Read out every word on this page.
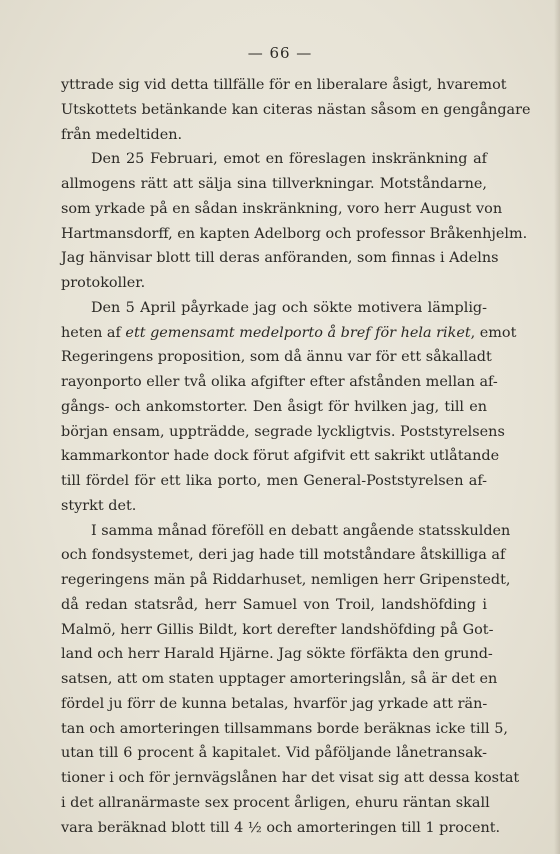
— 66 —
yttrade sig vid detta tillfälle för en liberalare åsigt, hvaremot
Utskottets betänkande kan citeras nästan såsom en gengångare
från medeltiden.
Den 25 Februari, emot en föreslagen inskränkning af
allmogens rätt att sälja sina tillverkningar. Motståndarne,
som yrkade på en sådan inskränkning, voro herr August von
Hartmansdorff, en kapten Adelborg och professor Bråkenhjelm.
Jag hänvisar blott till deras anföranden, som finnas i Adelns
protokoller.
Den 5 April påyrkade jag och sökte motivera lämplig-
heten af ett gemensamt medelporto å bref för hela riket, emot
Regeringens proposition, som då ännu var för ett såkalladt
rayonporto eller två olika afgifter efter afstånden mellan af-
gångs- och ankomstorter. Den åsigt för hvilken jag, till en
början ensam, uppträdde, segrade lyckligtvis. Poststyrelsens
kammarkontor hade dock förut afgifvit ett sakrikt utlåtande
till fördel för ett lika porto, men General-Poststyrelsen af-
styrkt det.
I samma månad föreföll en debatt angående statsskulden
och fondsystemet, deri jag hade till motståndare åtskilliga af
regeringens män på Riddarhuset, nemligen herr Gripenstedt,
då redan statsråd, herr Samuel von Troil, landshöfding i
Malmö, herr Gillis Bildt, kort derefter landshöfding på Got-
land och herr Harald Hjärne. Jag sökte förfäkta den grund-
satsen, att om staten upptager amorteringslån, så är det en
fördel ju förr de kunna betalas, hvarför jag yrkade att rän-
tan och amorteringen tillsammans borde beräknas icke till 5,
utan till 6 procent å kapitalet. Vid påföljande lånetransak-
tioner i och för jernvägslånen har det visat sig att dessa kostat
i det allranärmaste sex procent årligen, ehuru räntan skall
vara beräknad blott till 4 ½ och amorteringen till 1 procent.
